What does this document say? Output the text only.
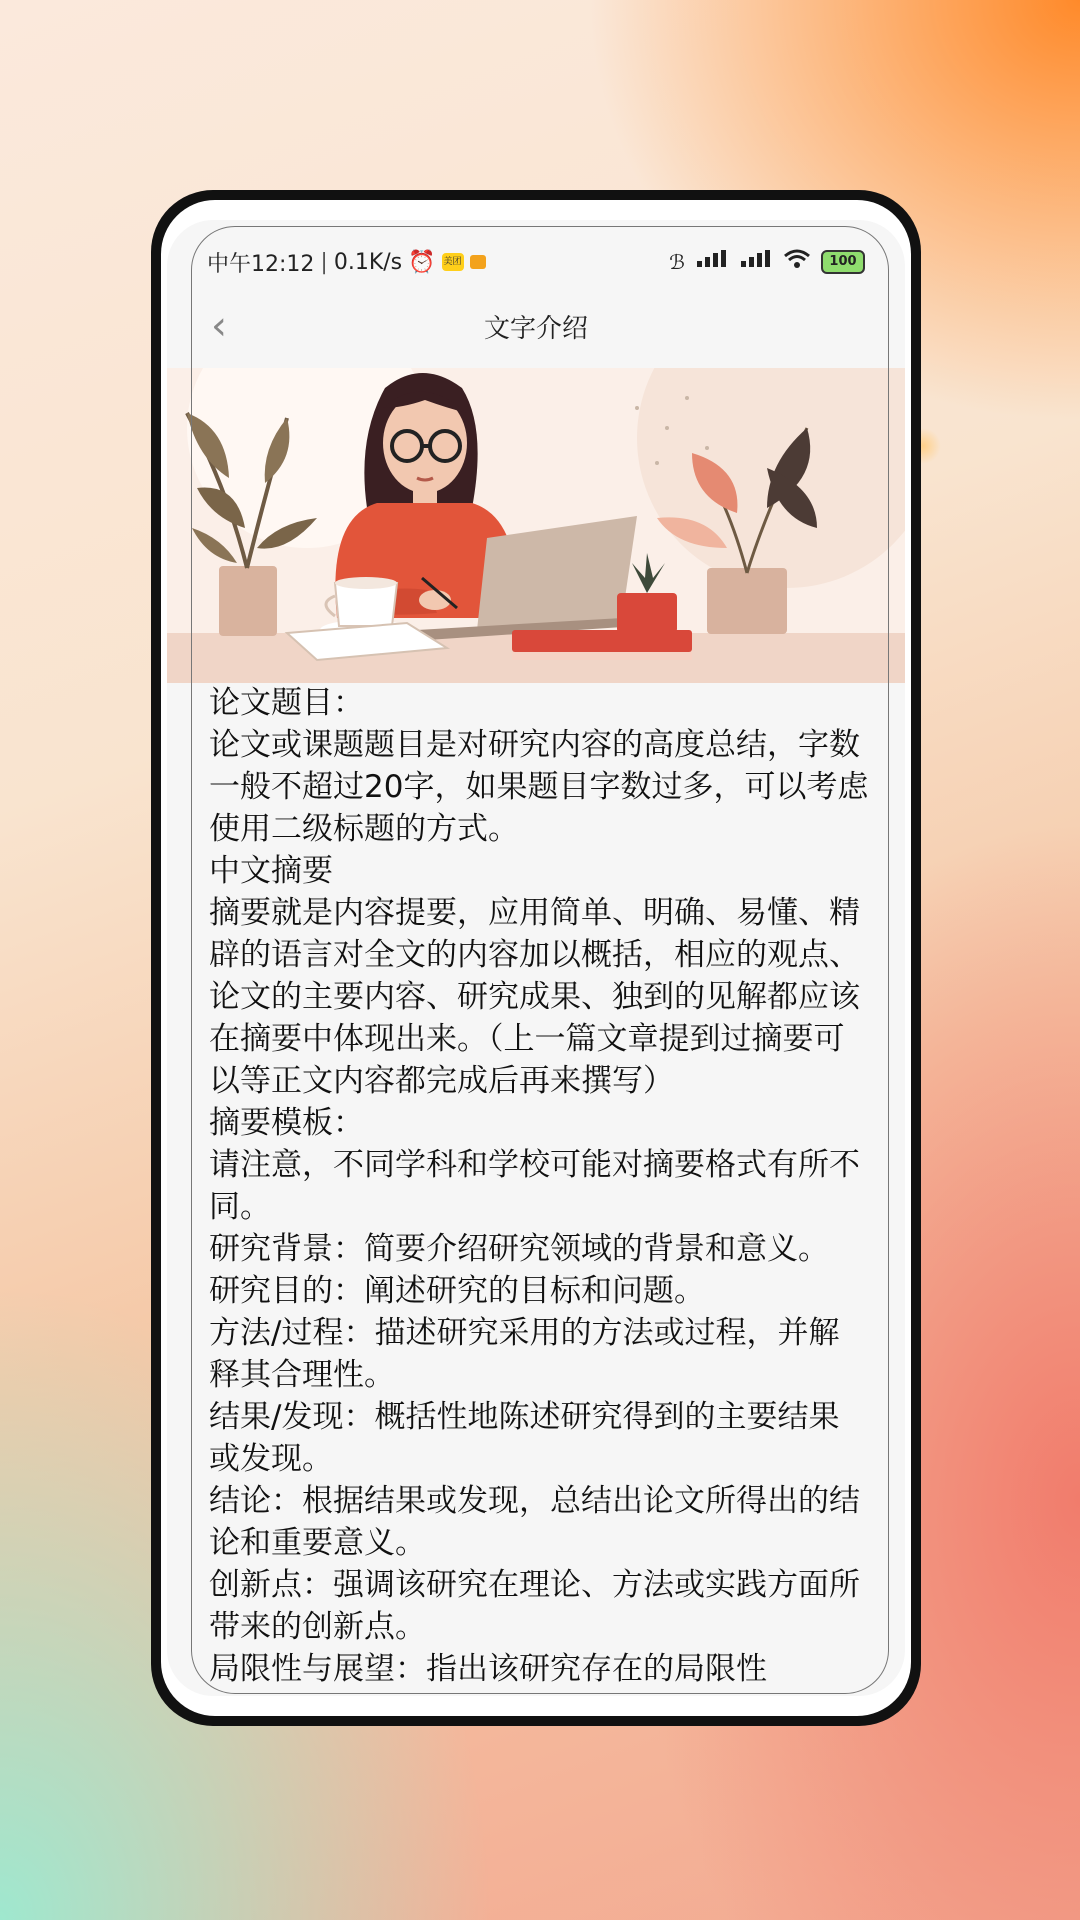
中午12:12 | 0.1K/s ⏰ 美团	ℬ	100
‹	文字介绍

论文题目：

论文或课题题目是对研究内容的高度总结，字数一般不超过20字，如果题目字数过多，可以考虑使用二级标题的方式。

中文摘要

摘要就是内容提要，应用简单、明确、易懂、精辟的语言对全文的内容加以概括，相应的观点、论文的主要内容、研究成果、独到的见解都应该在摘要中体现出来。（上一篇文章提到过摘要可以等正文内容都完成后再来撰写）

摘要模板：

请注意，不同学科和学校可能对摘要格式有所不同。

研究背景：简要介绍研究领域的背景和意义。

研究目的：阐述研究的目标和问题。

方法/过程：描述研究采用的方法或过程，并解释其合理性。

结果/发现：概括性地陈述研究得到的主要结果或发现。

结论：根据结果或发现，总结出论文所得出的结论和重要意义。

创新点：强调该研究在理论、方法或实践方面所带来的创新点。

局限性与展望：指出该研究存在的局限性
